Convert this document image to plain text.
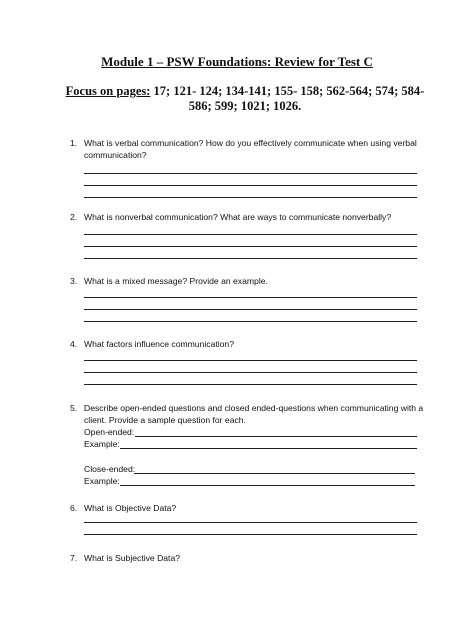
Module 1 – PSW Foundations: Review for Test C
Focus on pages: 17; 121- 124; 134-141; 155- 158; 562-564; 574; 584-586; 599; 1021; 1026.
1. What is verbal communication? How do you effectively communicate when using verbal communication?
2. What is nonverbal communication? What are ways to communicate nonverbally?
3. What is a mixed message? Provide an example.
4. What factors influence communication?
5. Describe open-ended questions and closed ended-questions when communicating with a client. Provide a sample question for each.
Open-ended:
Example:
Close-ended:
Example:
6. What is Objective Data?
7. What is Subjective Data?
